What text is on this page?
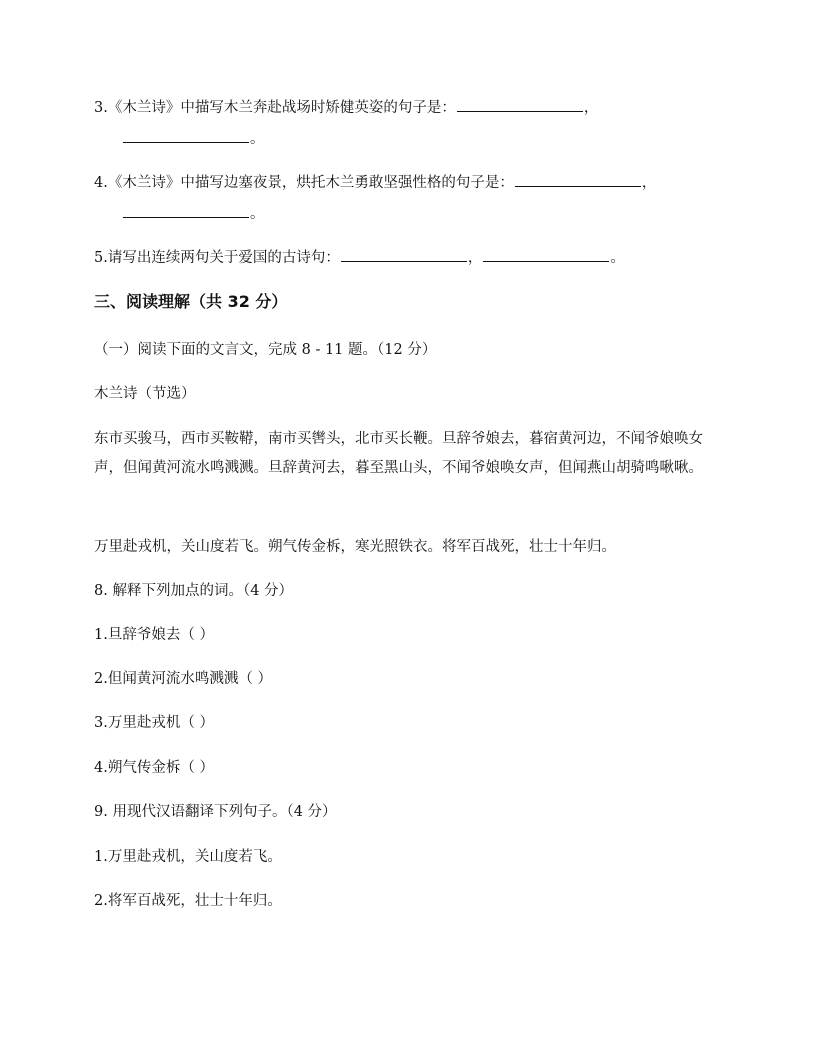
3.《木兰诗》中描写木兰奔赴战场时矫健英姿的句子是：	，
。
4.《木兰诗》中描写边塞夜景，烘托木兰勇敢坚强性格的句子是：	，
。
5.请写出连续两句关于爱国的古诗句：	，	。
三、阅读理解（共 32 分）
（一）阅读下面的文言文，完成 8 - 11 题。（12 分）
木兰诗（节选）
东市买骏马，西市买鞍鞯，南市买辔头，北市买长鞭。旦辞爷娘去，暮宿黄河边，不闻爷娘唤女声，但闻黄河流水鸣溅溅。旦辞黄河去，暮至黑山头，不闻爷娘唤女声，但闻燕山胡骑鸣啾啾。
万里赴戎机，关山度若飞。朔气传金柝，寒光照铁衣。将军百战死，壮士十年归。
8. 解释下列加点的词。（4 分）
1.旦辞爷娘去（ ）
2.但闻黄河流水鸣溅溅（ ）
3.万里赴戎机（ ）
4.朔气传金柝（ ）
9. 用现代汉语翻译下列句子。（4 分）
1.万里赴戎机，关山度若飞。
2.将军百战死，壮士十年归。
